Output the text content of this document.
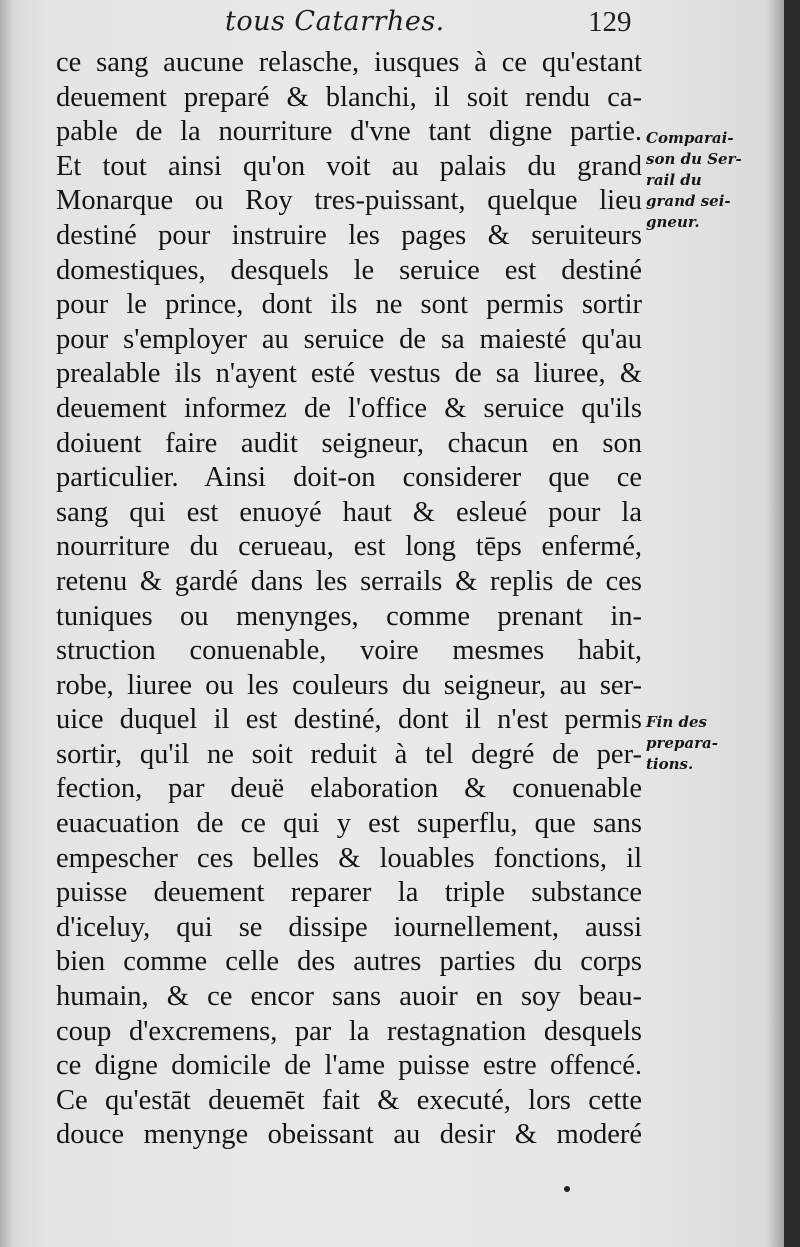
tous Catarrhes.	129
ce sang aucune relasche, iusques à ce qu'estant
deuement preparé & blanchi, il soit rendu ca-
pable de la nourriture d'vne tant digne partie.
Et tout ainsi qu'on voit au palais du grand
Monarque ou Roy tres-puissant, quelque lieu
destiné pour instruire les pages & seruiteurs
domestiques, desquels le seruice est destiné
pour le prince, dont ils ne sont permis sortir
pour s'employer au seruice de sa maiesté qu'au
prealable ils n'ayent esté vestus de sa liuree, &
deuement informez de l'office & seruice qu'ils
doiuent faire audit seigneur, chacun en son
particulier. Ainsi doit-on considerer que ce
sang qui est enuoyé haut & esleué pour la
nourriture du cerueau, est long tēps enfermé,
retenu & gardé dans les serrails & replis de ces
tuniques ou menynges, comme prenant in-
struction conuenable, voire mesmes habit,
robe, liuree ou les couleurs du seigneur, au ser-
uice duquel il est destiné, dont il n'est permis
sortir, qu'il ne soit reduit à tel degré de per-
fection, par deuë elaboration & conuenable
euacuation de ce qui y est superflu, que sans
empescher ces belles & louables fonctions, il
puisse deuement reparer la triple substance
d'iceluy, qui se dissipe iournellement, aussi
bien comme celle des autres parties du corps
humain, & ce encor sans auoir en soy beau-
coup d'excremens, par la restagnation desquels
ce digne domicile de l'ame puisse estre offencé.
Ce qu'estāt deuemēt fait & executé, lors cette
douce menynge obeissant au desir & moderé
Comparai-
son du Ser-
rail du
grand sei-
gneur.
Fin des
prepara-
tions.
